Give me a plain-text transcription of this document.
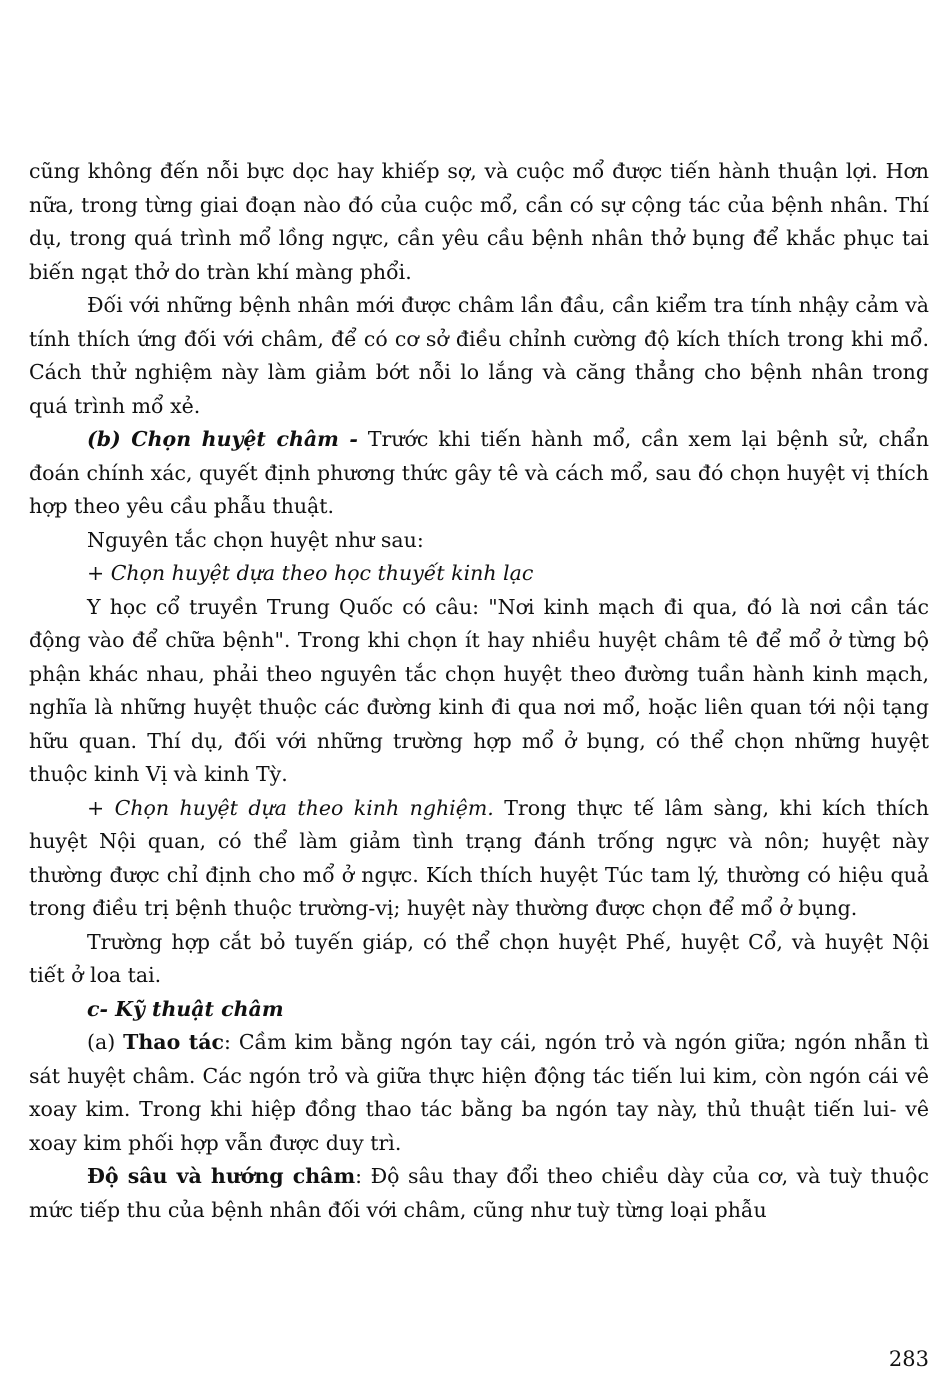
cũng không đến nỗi bực dọc hay khiếp sợ, và cuộc mổ được tiến hành thuận lợi. Hơn nữa, trong từng giai đoạn nào đó của cuộc mổ, cần có sự cộng tác của bệnh nhân. Thí dụ, trong quá trình mổ lồng ngực, cần yêu cầu bệnh nhân thở bụng để khắc phục tai biến ngạt thở do tràn khí màng phổi.

Đối với những bệnh nhân mới được châm lần đầu, cần kiểm tra tính nhậy cảm và tính thích ứng đối với châm, để có cơ sở điều chỉnh cường độ kích thích trong khi mổ. Cách thử nghiệm này làm giảm bớt nỗi lo lắng và căng thẳng cho bệnh nhân trong quá trình mổ xẻ.

(b) Chọn huyệt châm - Trước khi tiến hành mổ, cần xem lại bệnh sử, chẩn đoán chính xác, quyết định phương thức gây tê và cách mổ, sau đó chọn huyệt vị thích hợp theo yêu cầu phẫu thuật.

Nguyên tắc chọn huyệt như sau:

+ Chọn huyệt dựa theo học thuyết kinh lạc

Y học cổ truyền Trung Quốc có câu: "Nơi kinh mạch đi qua, đó là nơi cần tác động vào để chữa bệnh". Trong khi chọn ít hay nhiều huyệt châm tê để mổ ở từng bộ phận khác nhau, phải theo nguyên tắc chọn huyệt theo đường tuần hành kinh mạch, nghĩa là những huyệt thuộc các đường kinh đi qua nơi mổ, hoặc liên quan tới nội tạng hữu quan. Thí dụ, đối với những trường hợp mổ ở bụng, có thể chọn những huyệt thuộc kinh Vị và kinh Tỳ.

+ Chọn huyệt dựa theo kinh nghiệm. Trong thực tế lâm sàng, khi kích thích huyệt Nội quan, có thể làm giảm tình trạng đánh trống ngực và nôn; huyệt này thường được chỉ định cho mổ ở ngực. Kích thích huyệt Túc tam lý, thường có hiệu quả trong điều trị bệnh thuộc trường-vị; huyệt này thường được chọn để mổ ở bụng.

Trường hợp cắt bỏ tuyến giáp, có thể chọn huyệt Phế, huyệt Cổ, và huyệt Nội tiết ở loa tai.

c- Kỹ thuật châm

(a) Thao tác: Cầm kim bằng ngón tay cái, ngón trỏ và ngón giữa; ngón nhẫn tì sát huyệt châm. Các ngón trỏ và giữa thực hiện động tác tiến lui kim, còn ngón cái vê xoay kim. Trong khi hiệp đồng thao tác bằng ba ngón tay này, thủ thuật tiến lui- vê xoay kim phối hợp vẫn được duy trì.

Độ sâu và hướng châm: Độ sâu thay đổi theo chiều dày của cơ, và tuỳ thuộc mức tiếp thu của bệnh nhân đối với châm, cũng như tuỳ từng loại phẫu

283
